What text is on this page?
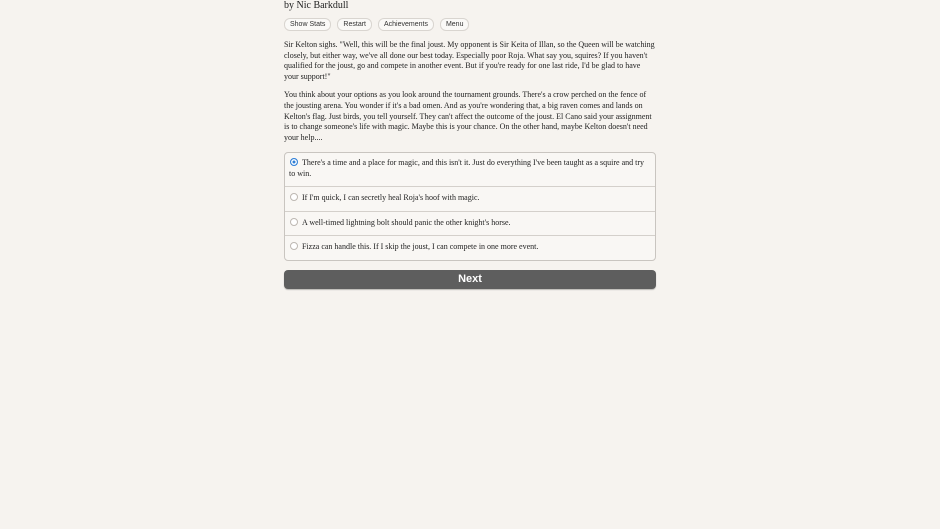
by Nic Barkdull
Show Stats	Restart	Achievements	Menu

Sir Kelton sighs. "Well, this will be the final joust. My opponent is Sir Keita of Illan, so the Queen will be watching closely, but either way, we've all done our best today. Especially poor Roja. What say you, squires? If you haven't qualified for the joust, go and compete in another event. But if you're ready for one last ride, I'd be glad to have your support!"

You think about your options as you look around the tournament grounds. There's a crow perched on the fence of the jousting arena. You wonder if it's a bad omen. And as you're wondering that, a big raven comes and lands on Kelton's flag. Just birds, you tell yourself. They can't affect the outcome of the joust. El Cano said your assignment is to change someone's life with magic. Maybe this is your chance. On the other hand, maybe Kelton doesn't need your help....

There's a time and a place for magic, and this isn't it. Just do everything I've been taught as a squire and try to win.
If I'm quick, I can secretly heal Roja's hoof with magic.
A well-timed lightning bolt should panic the other knight's horse.
Fizza can handle this. If I skip the joust, I can compete in one more event.
Next
